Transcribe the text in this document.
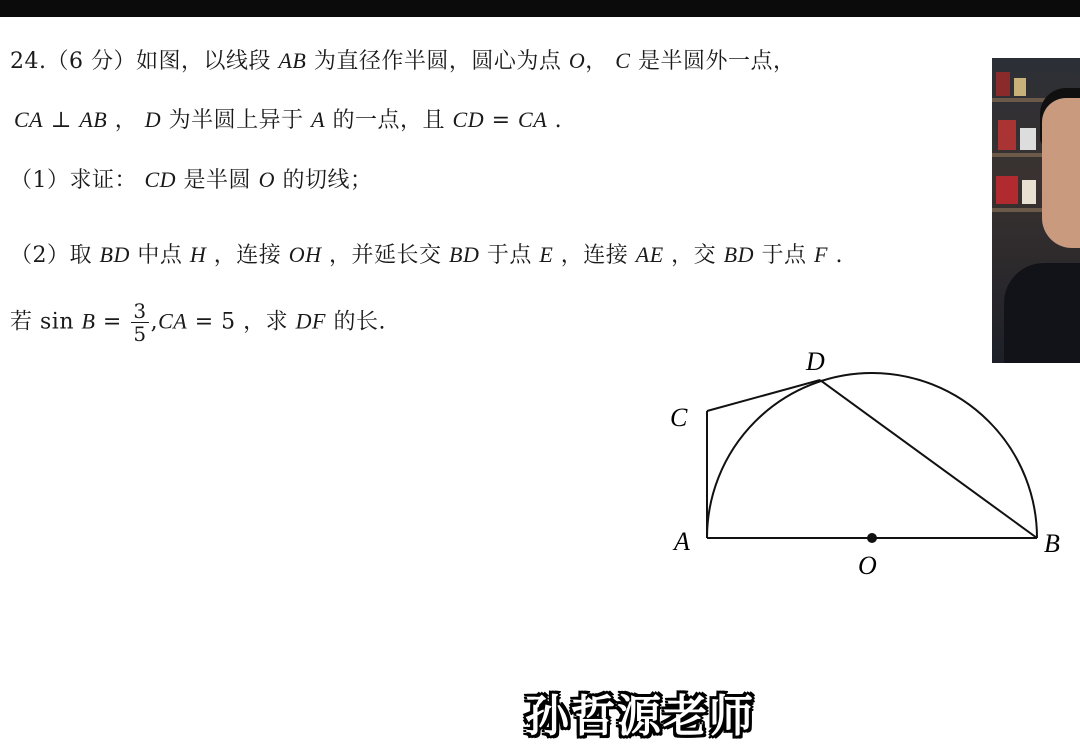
24.（6 分）如图，以线段 AB 为直径作半圆，圆心为点 O， C 是半圆外一点，
CA ⊥ AB ， D 为半圆上异于 A 的一点，且 CD = CA .
（1）求证： CD 是半圆 O 的切线；
（2）取 BD 中点 H ，连接 OH ，并延长交 BD 于点 E ，连接 AE ，交 BD 于点 F .
若 $\sin B = \frac{3}{5} ,CA = 5$ ，求 DF 的长.
A	B
C
D
O
孙哲源老师
